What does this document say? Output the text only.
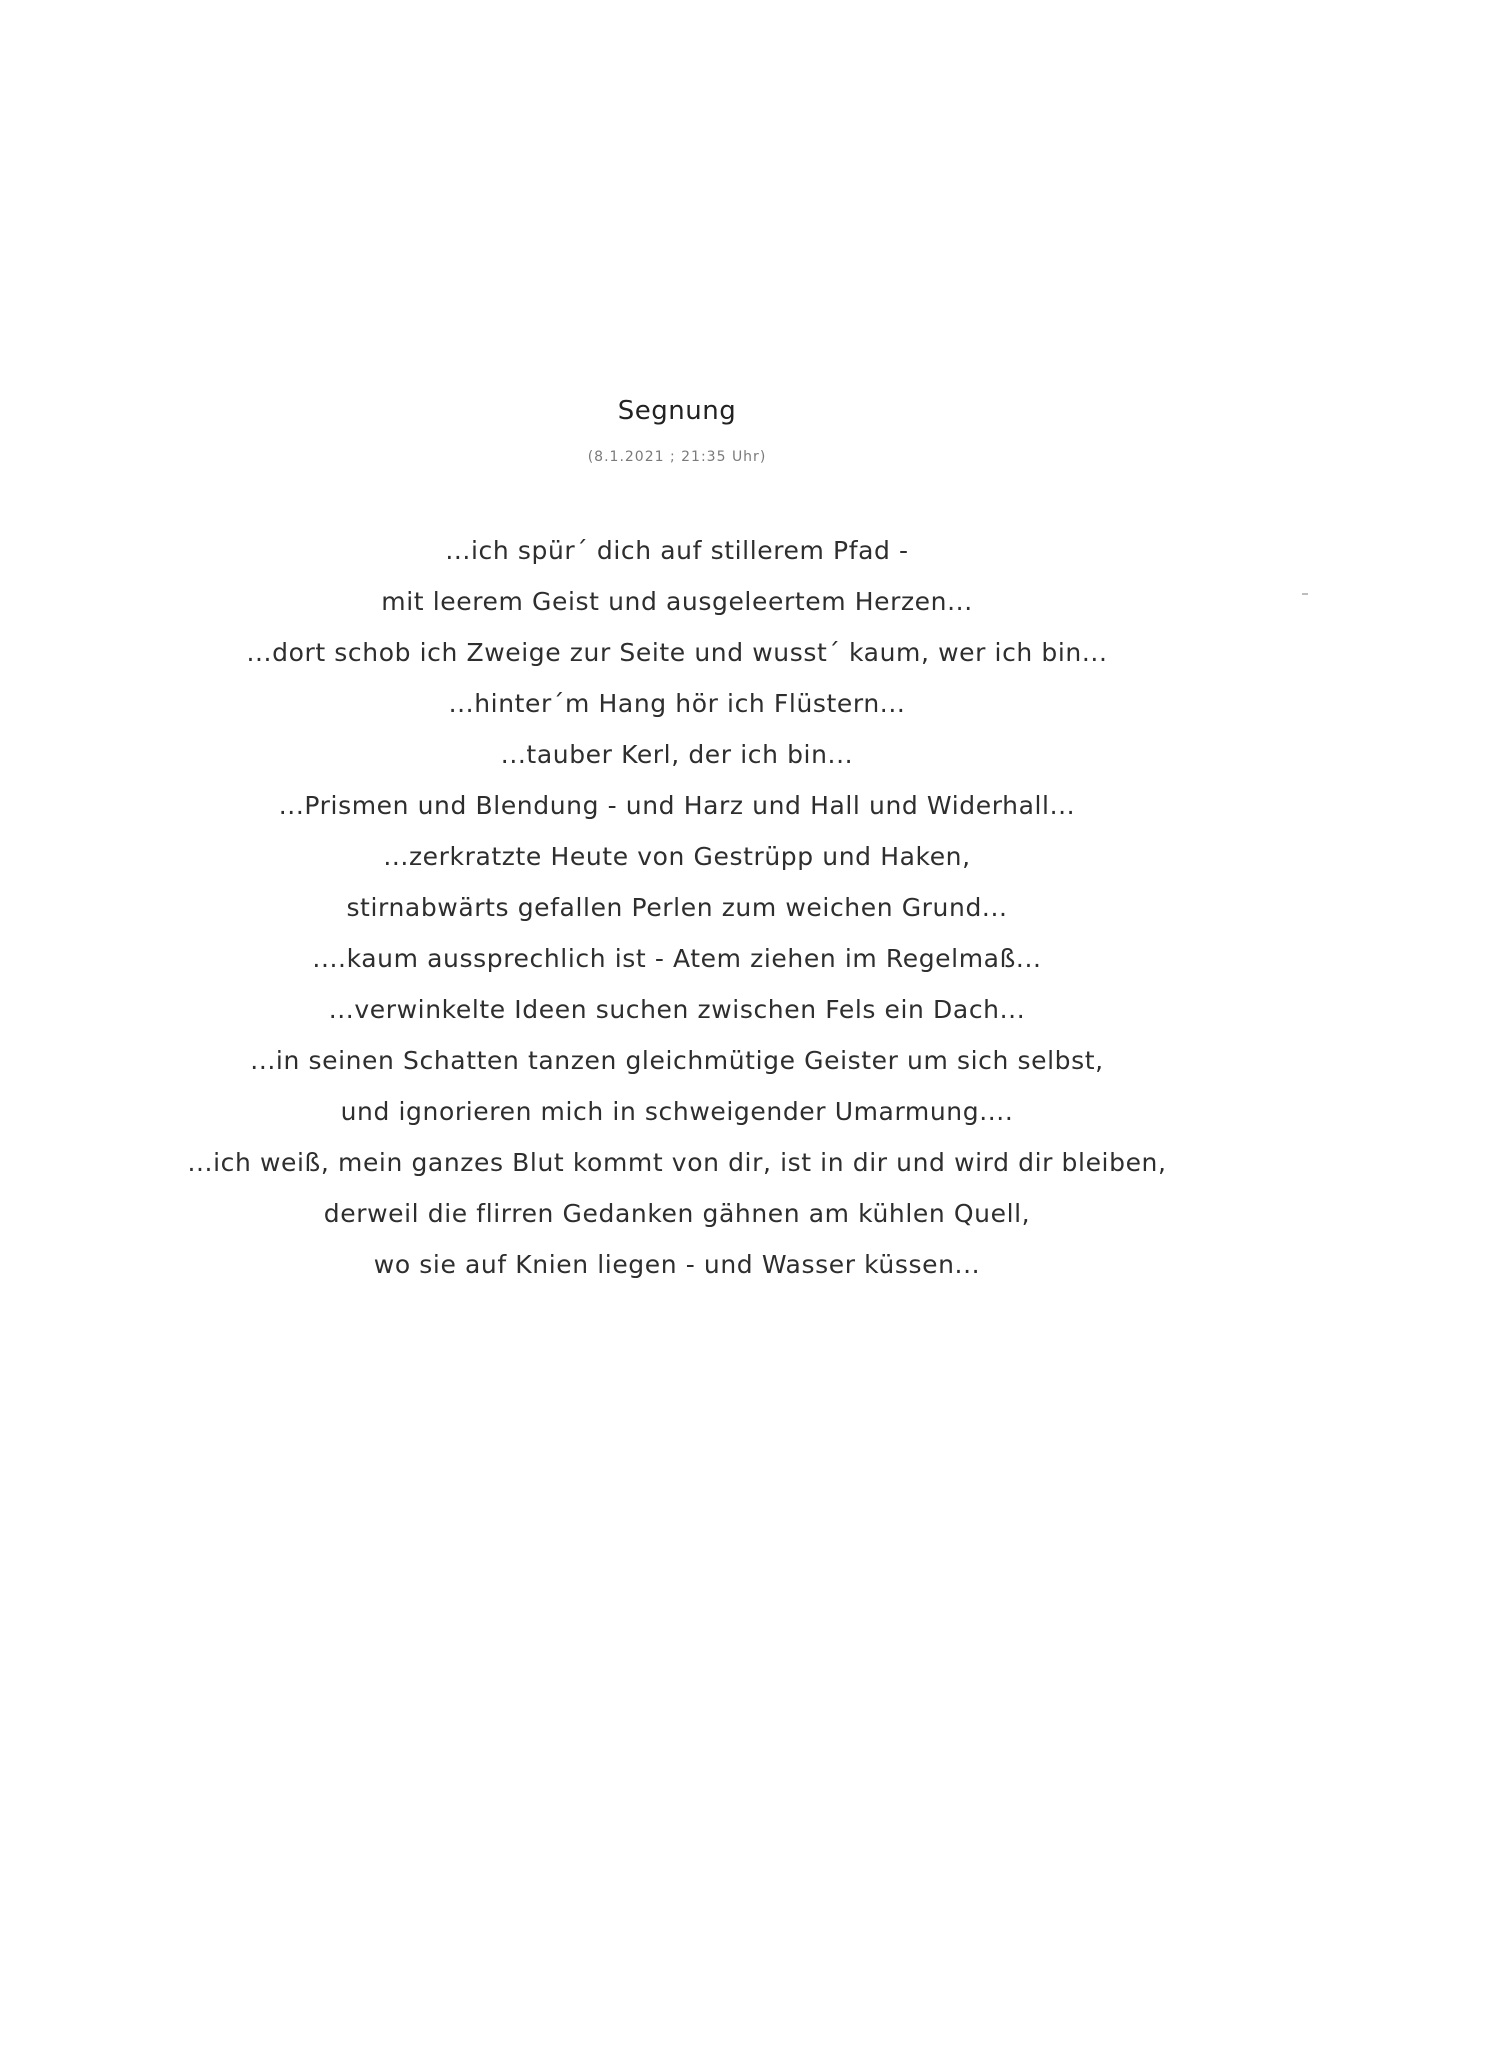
Segnung
(8.1.2021 ; 21:35 Uhr)
...ich spür´ dich auf stillerem Pfad -
mit leerem Geist und ausgeleertem Herzen...
...dort schob ich Zweige zur Seite und wusst´ kaum, wer ich bin...
...hinter´m Hang hör ich Flüstern...
...tauber Kerl, der ich bin...
...Prismen und Blendung - und Harz und Hall und Widerhall...
...zerkratzte Heute von Gestrüpp und Haken,
stirnabwärts gefallen Perlen zum weichen Grund...
....kaum aussprechlich ist - Atem ziehen im Regelmaß...
...verwinkelte Ideen suchen zwischen Fels ein Dach...
...in seinen Schatten tanzen gleichmütige Geister um sich selbst,
und ignorieren mich in schweigender Umarmung....
...ich weiß, mein ganzes Blut kommt von dir, ist in dir und wird dir bleiben,
derweil die flirren Gedanken gähnen am kühlen Quell,
wo sie auf Knien liegen - und Wasser küssen...
